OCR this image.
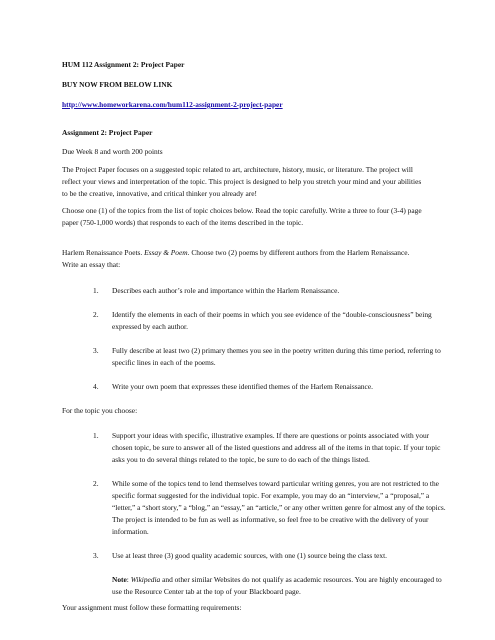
HUM 112 Assignment 2: Project Paper

BUY NOW FROM BELOW LINK

http://www.homeworkarena.com/hum112-assignment-2-project-paper

Assignment 2: Project Paper

Due Week 8 and worth 200 points

The Project Paper focuses on a suggested topic related to art, architecture, history, music, or literature. The project will

reflect your views and interpretation of the topic. This project is designed to help you stretch your mind and your abilities

to be the creative, innovative, and critical thinker you already are!

Choose one (1) of the topics from the list of topic choices below. Read the topic carefully. Write a three to four (3-4) page

paper (750-1,000 words) that responds to each of the items described in the topic.

Harlem Renaissance Poets. Essay & Poem. Choose two (2) poems by different authors from the Harlem Renaissance.

Write an essay that:

1. Describes each author’s role and importance within the Harlem Renaissance.
2. Identify the elements in each of their poems in which you see evidence of the “double-consciousness” being
expressed by each author.
3. Fully describe at least two (2) primary themes you see in the poetry written during this time period, referring to
specific lines in each of the poems.
4. Write your own poem that expresses these identified themes of the Harlem Renaissance.

For the topic you choose:

1. Support your ideas with specific, illustrative examples. If there are questions or points associated with your
chosen topic, be sure to answer all of the listed questions and address all of the items in that topic. If your topic
asks you to do several things related to the topic, be sure to do each of the things listed.
2. While some of the topics tend to lend themselves toward particular writing genres, you are not restricted to the
specific format suggested for the individual topic. For example, you may do an “interview,” a “proposal,” a
“letter,” a “short story,” a “blog,” an “essay,” an “article,” or any other written genre for almost any of the topics.
The project is intended to be fun as well as informative, so feel free to be creative with the delivery of your
information.
3. Use at least three (3) good quality academic sources, with one (1) source being the class text.
Note: Wikipedia and other similar Websites do not qualify as academic resources. You are highly encouraged to
use the Resource Center tab at the top of your Blackboard page.

Your assignment must follow these formatting requirements:
